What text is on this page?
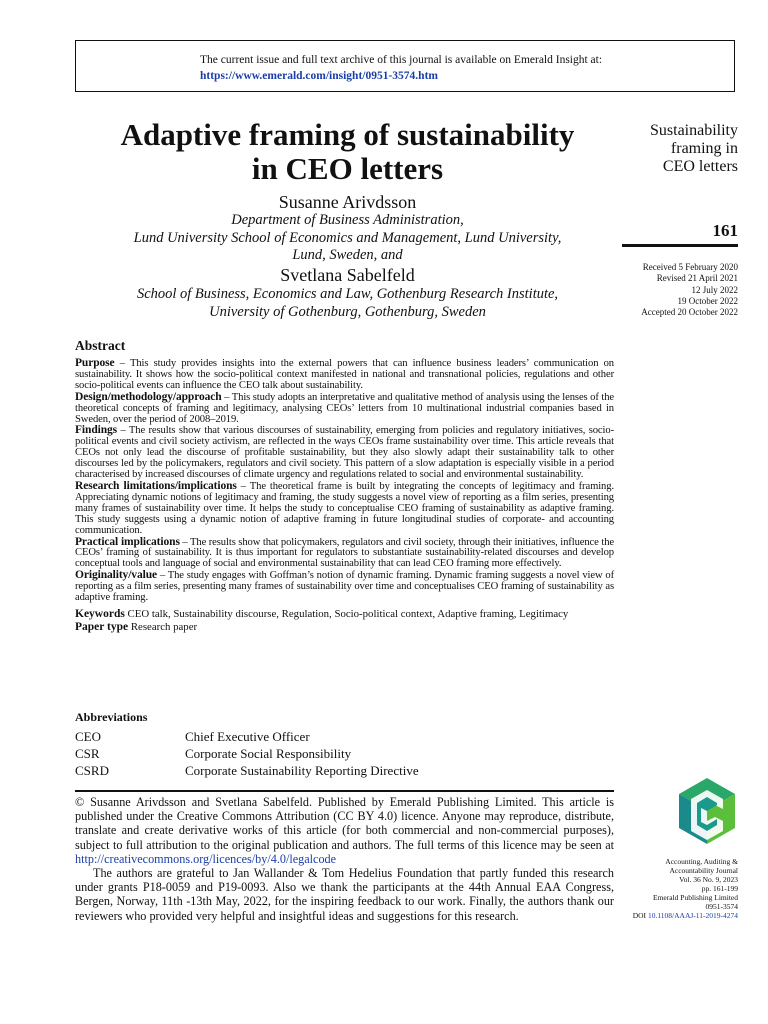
The current issue and full text archive of this journal is available on Emerald Insight at:
https://www.emerald.com/insight/0951-3574.htm
Adaptive framing of sustainability
in CEO letters
Susanne Arivdsson
Department of Business Administration,
Lund University School of Economics and Management, Lund University,
Lund, Sweden, and
Svetlana Sabelfeld
School of Business, Economics and Law, Gothenburg Research Institute,
University of Gothenburg, Gothenburg, Sweden
Sustainability
framing in
CEO letters
161
Received 5 February 2020
Revised 21 April 2021
12 July 2022
19 October 2022
Accepted 20 October 2022
Abstract

Purpose – This study provides insights into the external powers that can influence business leaders’ communication on sustainability. It shows how the socio-political context manifested in national and transnational policies, regulations and other socio-political events can influence the CEO talk about sustainability.

Design/methodology/approach – This study adopts an interpretative and qualitative method of analysis using the lenses of the theoretical concepts of framing and legitimacy, analysing CEOs’ letters from 10 multinational industrial companies based in Sweden, over the period of 2008–2019.

Findings – The results show that various discourses of sustainability, emerging from policies and regulatory initiatives, socio-political events and civil society activism, are reflected in the ways CEOs frame sustainability over time. This article reveals that CEOs not only lead the discourse of profitable sustainability, but they also slowly adapt their sustainability talk to other discourses led by the policymakers, regulators and civil society. This pattern of a slow adaptation is especially visible in a period characterised by increased discourses of climate urgency and regulations related to social and environmental sustainability.

Research limitations/implications – The theoretical frame is built by integrating the concepts of legitimacy and framing. Appreciating dynamic notions of legitimacy and framing, the study suggests a novel view of reporting as a film series, presenting many frames of sustainability over time. It helps the study to conceptualise CEO framing of sustainability as adaptive framing. This study suggests using a dynamic notion of adaptive framing in future longitudinal studies of corporate- and accounting communication.

Practical implications – The results show that policymakers, regulators and civil society, through their initiatives, influence the CEOs’ framing of sustainability. It is thus important for regulators to substantiate sustainability-related discourses and develop conceptual tools and language of social and environmental sustainability that can lead CEO framing more effectively.

Originality/value – The study engages with Goffman’s notion of dynamic framing. Dynamic framing suggests a novel view of reporting as a film series, presenting many frames of sustainability over time and conceptualises CEO framing of sustainability as adaptive framing.

Keywords CEO talk, Sustainability discourse, Regulation, Socio-political context, Adaptive framing, Legitimacy
Paper type Research paper
Abbreviations
CEO	Chief Executive Officer
CSR	Corporate Social Responsibility
CSRD	Corporate Sustainability Reporting Directive

© Susanne Arivdsson and Svetlana Sabelfeld. Published by Emerald Publishing Limited. This article is published under the Creative Commons Attribution (CC BY 4.0) licence. Anyone may reproduce, distribute, translate and create derivative works of this article (for both commercial and non-commercial purposes), subject to full attribution to the original publication and authors. The full terms of this licence may be seen at http://creativecommons.org/licences/by/4.0/legalcode

The authors are grateful to Jan Wallander & Tom Hedelius Foundation that partly funded this research under grants P18-0059 and P19-0093. Also we thank the participants at the 44th Annual EAA Congress, Bergen, Norway, 11th -13th May, 2022, for the inspiring feedback to our work. Finally, the authors thank our reviewers who provided very helpful and insightful ideas and suggestions for this research.

Accounting, Auditing &
Accountability Journal
Vol. 36 No. 9, 2023
pp. 161-199
Emerald Publishing Limited
0951-3574
DOI 10.1108/AAAJ-11-2019-4274
